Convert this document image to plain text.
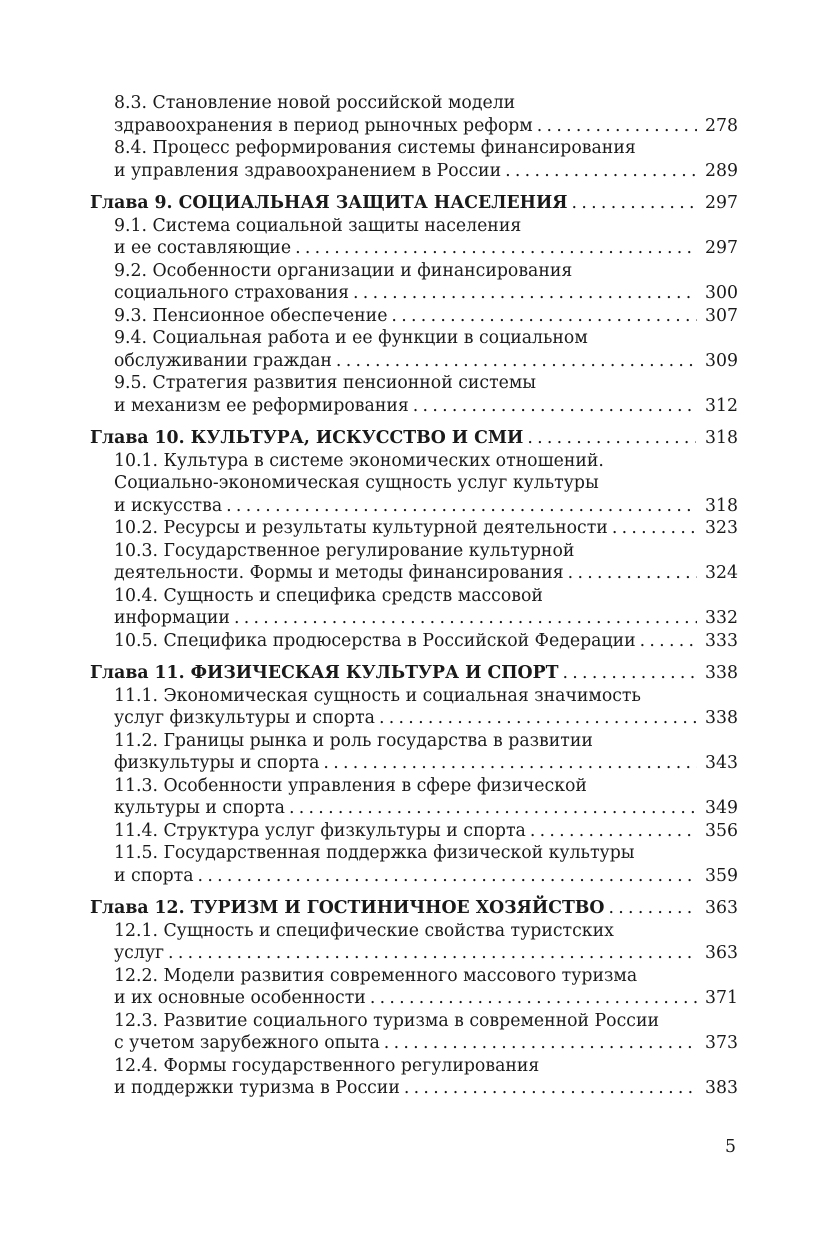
8.3. Становление новой российской модели
здравоохранения в период рыночных реформ . . .	278
8.4. Процесс реформирования системы финансирования
и управления здравоохранением в России . . .	289
Глава 9. СОЦИАЛЬНАЯ ЗАЩИТА НАСЕЛЕНИЯ . . .	297
9.1. Система социальной защиты населения
и ее составляющие . . .	297
9.2. Особенности организации и финансирования
социального страхования . . .	300
9.3. Пенсионное обеспечение . . .	307
9.4. Социальная работа и ее функции в социальном
обслуживании граждан . . .	309
9.5. Стратегия развития пенсионной системы
и механизм ее реформирования . . .	312
Глава 10. КУЛЬТУРА, ИСКУССТВО И СМИ . . .	318
10.1. Культура в системе экономических отношений.
Социально-экономическая сущность услуг культуры
и искусства . . .	318
10.2. Ресурсы и результаты культурной деятельности . . .	323
10.3. Государственное регулирование культурной
деятельности. Формы и методы финансирования . . .	324
10.4. Сущность и специфика средств массовой
информации . . .	332
10.5. Специфика продюсерства в Российской Федерации . . .	333
Глава 11. ФИЗИЧЕСКАЯ КУЛЬТУРА И СПОРТ . . .	338
11.1. Экономическая сущность и социальная значимость
услуг физкультуры и спорта . . .	338
11.2. Границы рынка и роль государства в развитии
физкультуры и спорта . . .	343
11.3. Особенности управления в сфере физической
культуры и спорта . . .	349
11.4. Структура услуг физкультуры и спорта . . .	356
11.5. Государственная поддержка физической культуры
и спорта . . .	359
Глава 12. ТУРИЗМ И ГОСТИНИЧНОЕ ХОЗЯЙСТВО . . .	363
12.1. Сущность и специфические свойства туристских
услуг . . .	363
12.2. Модели развития современного массового туризма
и их основные особенности . . .	371
12.3. Развитие социального туризма в современной России
с учетом зарубежного опыта . . .	373
12.4. Формы государственного регулирования
и поддержки туризма в России . . .	383
5
